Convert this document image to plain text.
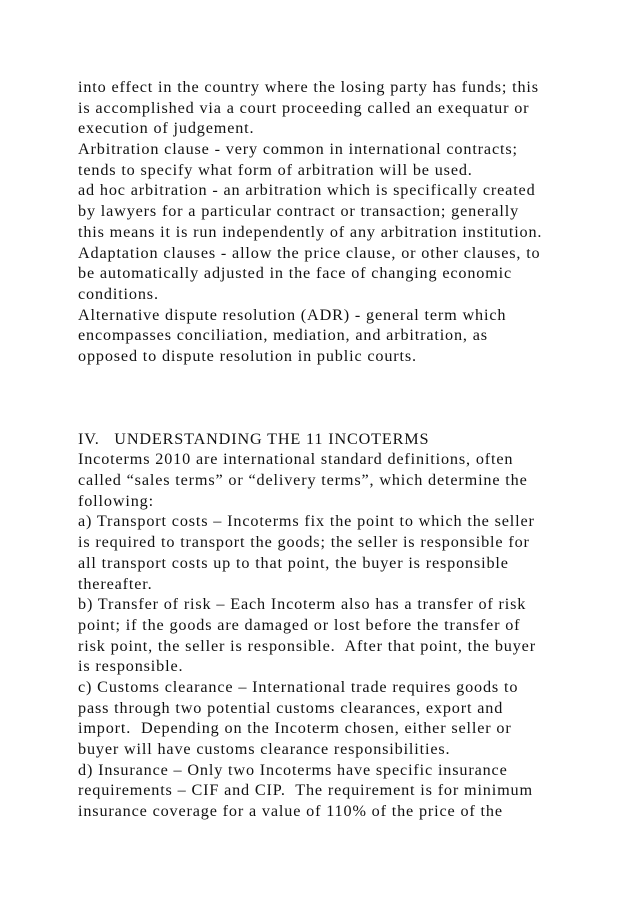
into effect in the country where the losing party has funds; this
is accomplished via a court proceeding called an exequatur or
execution of judgement.
Arbitration clause - very common in international contracts;
tends to specify what form of arbitration will be used.
ad hoc arbitration - an arbitration which is specifically created
by lawyers for a particular contract or transaction; generally
this means it is run independently of any arbitration institution.
Adaptation clauses - allow the price clause, or other clauses, to
be automatically adjusted in the face of changing economic
conditions.
Alternative dispute resolution (ADR) - general term which
encompasses conciliation, mediation, and arbitration, as
opposed to dispute resolution in public courts.
IV.   UNDERSTANDING THE 11 INCOTERMS
Incoterms 2010 are international standard definitions, often
called “sales terms” or “delivery terms”, which determine the
following:
a) Transport costs – Incoterms fix the point to which the seller
is required to transport the goods; the seller is responsible for
all transport costs up to that point, the buyer is responsible
thereafter.
b) Transfer of risk – Each Incoterm also has a transfer of risk
point; if the goods are damaged or lost before the transfer of
risk point, the seller is responsible.  After that point, the buyer
is responsible.
c) Customs clearance – International trade requires goods to
pass through two potential customs clearances, export and
import.  Depending on the Incoterm chosen, either seller or
buyer will have customs clearance responsibilities.
d) Insurance – Only two Incoterms have specific insurance
requirements – CIF and CIP.  The requirement is for minimum
insurance coverage for a value of 110% of the price of the
